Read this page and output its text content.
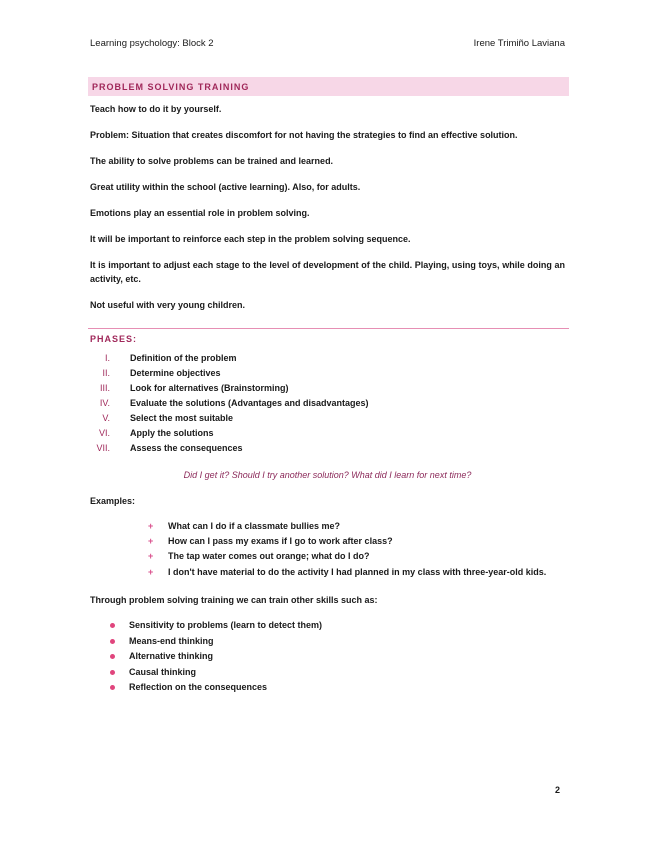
Learning psychology: Block 2	Irene Trimiño Laviana
PROBLEM SOLVING TRAINING

Teach how to do it by yourself.

Problem: Situation that creates discomfort for not having the strategies to find an effective solution.

The ability to solve problems can be trained and learned.

Great utility within the school (active learning). Also, for adults.

Emotions play an essential role in problem solving.

It will be important to reinforce each step in the problem solving sequence.

It is important to adjust each stage to the level of development of the child. Playing, using toys, while doing an activity, etc.

Not useful with very young children.

PHASES:
I. Definition of the problem
II. Determine objectives
III. Look for alternatives (Brainstorming)
IV. Evaluate the solutions (Advantages and disadvantages)
V. Select the most suitable
VI. Apply the solutions
VII. Assess the consequences
Did I get it? Should I try another solution? What did I learn for next time?

Examples:

+ What can I do if a classmate bullies me?
+ How can I pass my exams if I go to work after class?
+ The tap water comes out orange; what do I do?
+ I don't have material to do the activity I had planned in my class with three-year-old kids.

Through problem solving training we can train other skills such as:

Sensitivity to problems (learn to detect them)
Means-end thinking
Alternative thinking
Causal thinking
Reflection on the consequences
2
